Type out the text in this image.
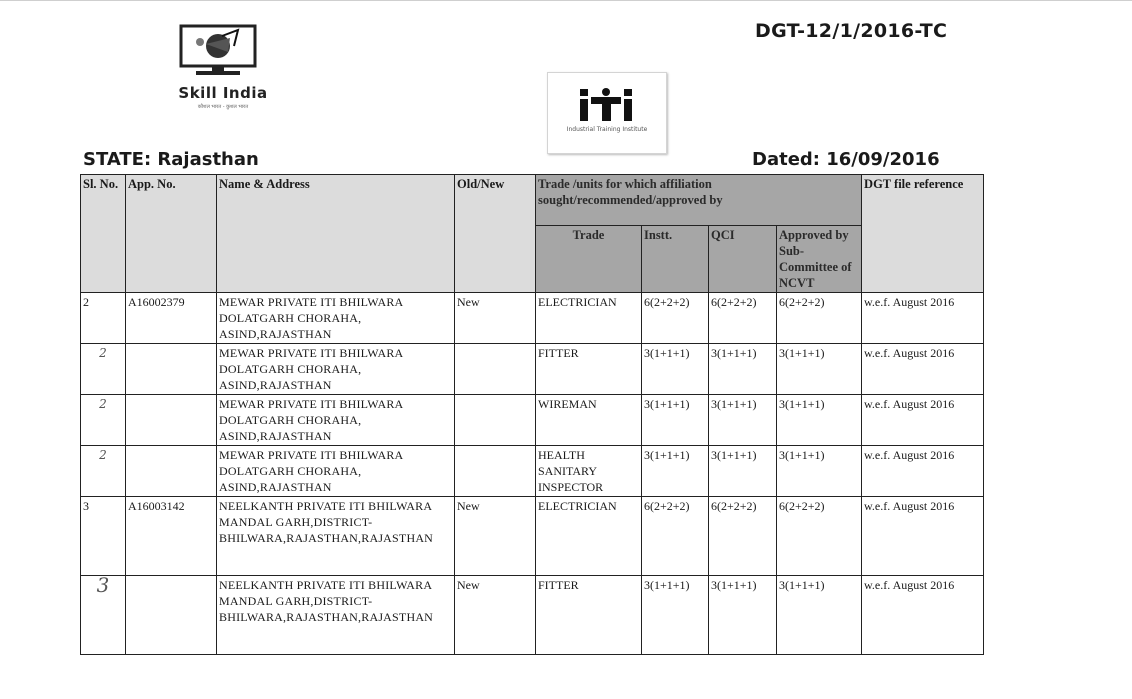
Skill India
कौशल भारत - कुशल भारत
Industrial Training Institute
DGT-12/1/2016-TC
STATE: Rajasthan	Dated: 16/09/2016
Sl. No.	App. No.	Name & Address	Old/New	Trade /units for which affiliation sought/recommended/approved by				DGT file reference
				Trade	Instt.	QCI	Approved by Sub-Committee of NCVT	
2	A16002379	MEWAR PRIVATE ITI BHILWARA
DOLATGARH CHORAHA,
ASIND,RAJASTHAN	New	ELECTRICIAN	6(2+2+2)	6(2+2+2)	6(2+2+2)	w.e.f. August 2016
2		MEWAR PRIVATE ITI BHILWARA
DOLATGARH CHORAHA,
ASIND,RAJASTHAN		FITTER	3(1+1+1)	3(1+1+1)	3(1+1+1)	w.e.f. August 2016
2		MEWAR PRIVATE ITI BHILWARA
DOLATGARH CHORAHA,
ASIND,RAJASTHAN		WIREMAN	3(1+1+1)	3(1+1+1)	3(1+1+1)	w.e.f. August 2016
2		MEWAR PRIVATE ITI BHILWARA
DOLATGARH CHORAHA,
ASIND,RAJASTHAN		HEALTH SANITARY INSPECTOR	3(1+1+1)	3(1+1+1)	3(1+1+1)	w.e.f. August 2016
3	A16003142	NEELKANTH PRIVATE ITI BHILWARA
MANDAL GARH,DISTRICT-
BHILWARA,RAJASTHAN,RAJASTHAN	New	ELECTRICIAN	6(2+2+2)	6(2+2+2)	6(2+2+2)	w.e.f. August 2016
3		NEELKANTH PRIVATE ITI BHILWARA
MANDAL GARH,DISTRICT-
BHILWARA,RAJASTHAN,RAJASTHAN	New	FITTER	3(1+1+1)	3(1+1+1)	3(1+1+1)	w.e.f. August 2016
